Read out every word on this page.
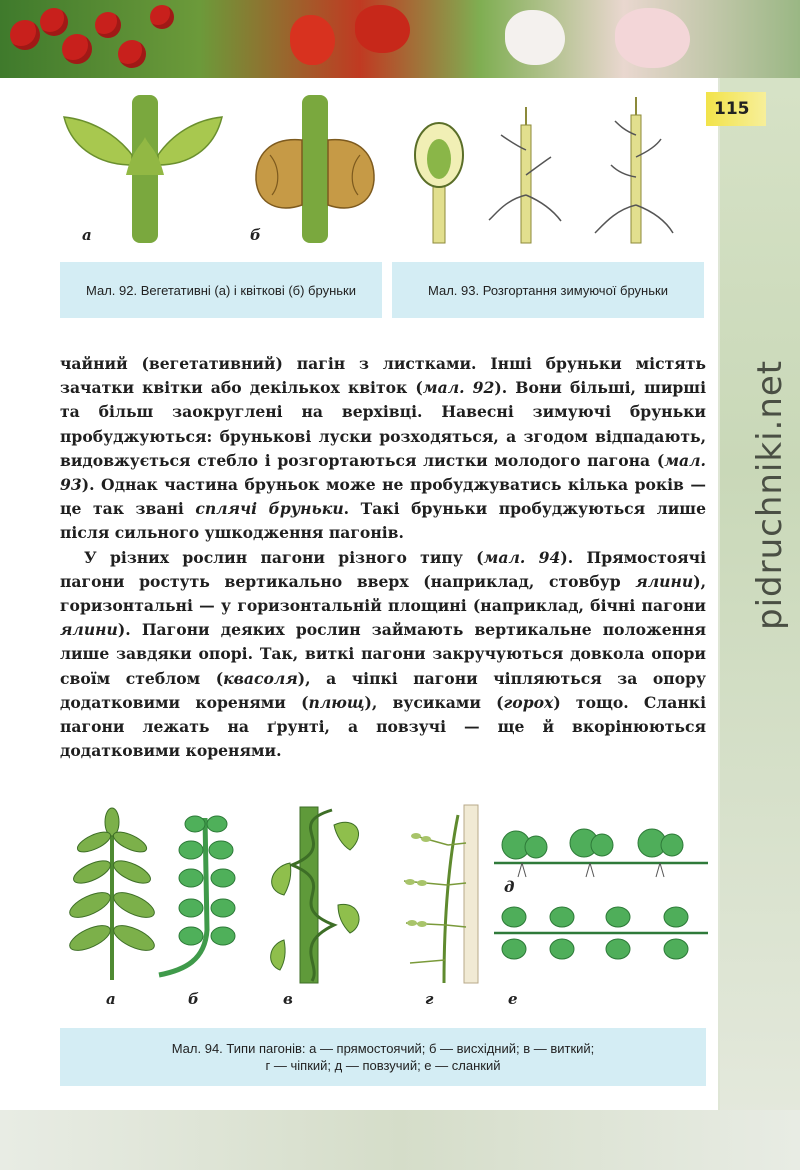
115
pidruchniki.net
а	б
Мал. 92. Вегетативні (а) і квіткові (б) бруньки	Мал. 93. Розгортання зимуючої бруньки

чайний (вегетативний) пагін з листками. Інші бруньки містять зачатки квітки або декількох квіток (мал. 92). Вони більші, ширші та більш заокруглені на верхівці. Навесні зимуючі бруньки пробуджуються: брунькові луски розходяться, а згодом відпадають, видовжується стебло і розгортаються листки молодого пагона (мал. 93). Однак частина бруньок може не пробуджуватись кілька років — це так звані сплячі бруньки. Такі бруньки пробуджуються лише після сильного ушкодження пагонів.

У різних рослин пагони різного типу (мал. 94). Прямостоячі пагони ростуть вертикально вверх (наприклад, стовбур ялини), горизонтальні — у горизонтальній площині (наприклад, бічні пагони ялини). Пагони деяких рослин займають вертикальне положення лише завдяки опорі. Так, виткі пагони закручуються довкола опори своїм стеблом (квасоля), а чіпкі пагони чіпляються за опору додатковими коренями (плющ), вусиками (горох) тощо. Сланкі пагони лежать на ґрунті, а повзучі — ще й вкорінюються додатковими коренями.

а	б	в	г
д
е
Мал. 94. Типи пагонів: а — прямостоячий; б — висхідний; в — виткий;
г — чіпкий; д — повзучий; е — сланкий
